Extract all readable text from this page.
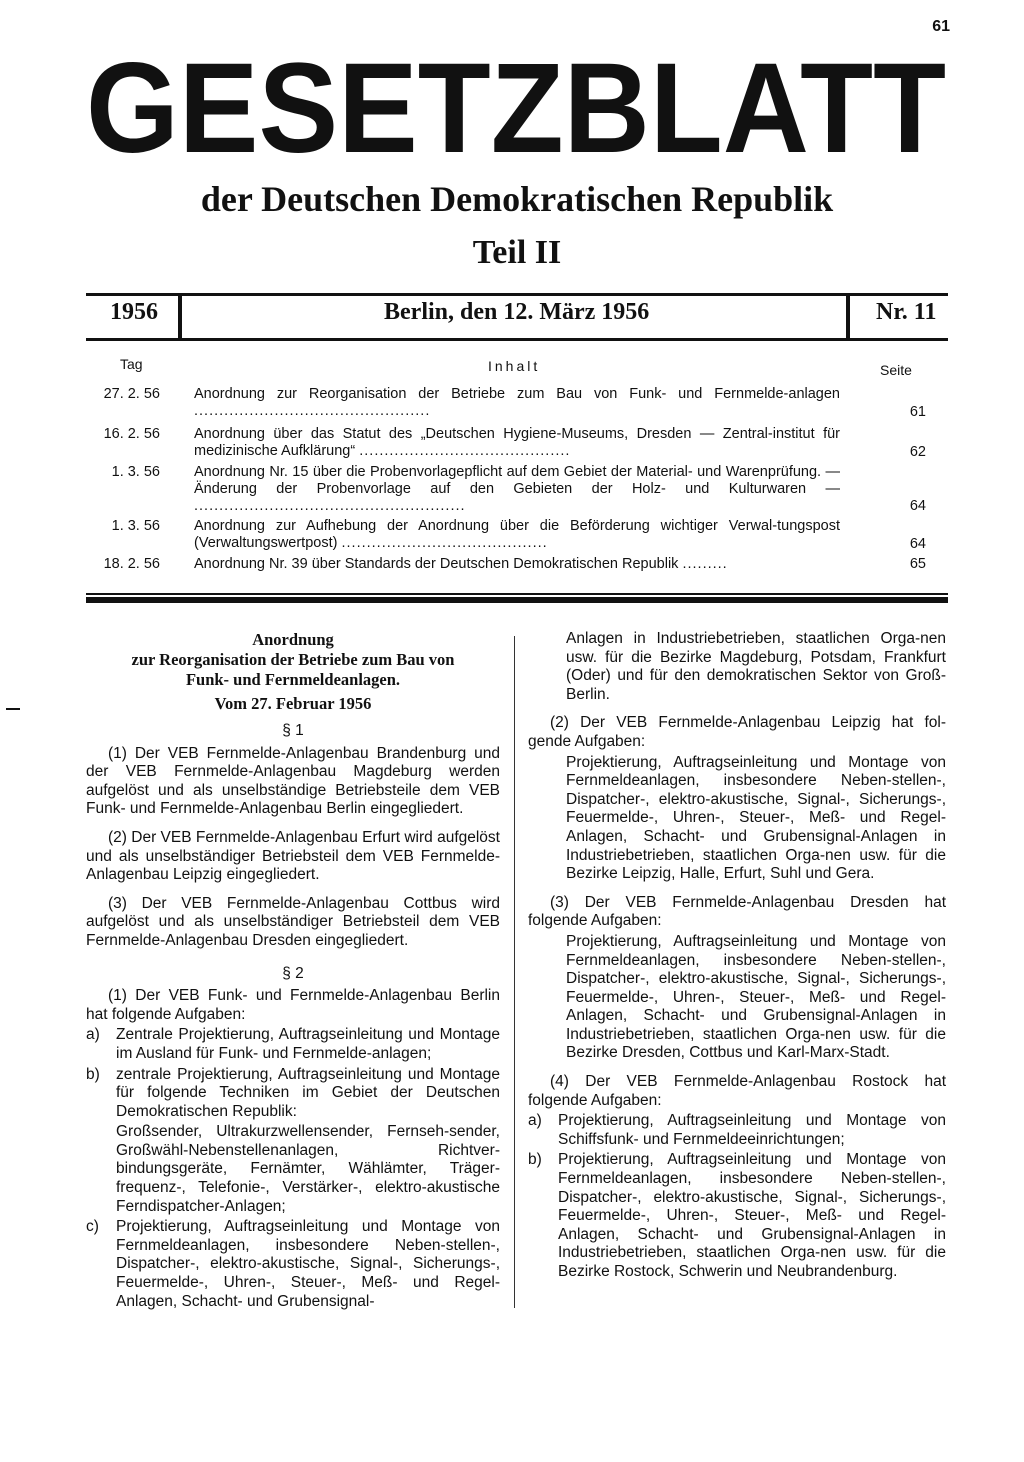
61
GESETZBLATT
der Deutschen Demokratischen Republik
Teil II
1956	Berlin, den 12. März 1956	Nr. 11
Tag	Inhalt	Seite
27. 2. 56 Anordnung zur Reorganisation der Betriebe zum Bau von Funk- und Fernmelde-anlagen ...............................................	61
16. 2. 56 Anordnung über das Statut des „Deutschen Hygiene-Museums, Dresden — Zentral-institut für medizinische Aufklärung“ ..........................................	62
1. 3. 56 Anordnung Nr. 15 über die Probenvorlagepflicht auf dem Gebiet der Material- und Warenprüfung. — Änderung der Probenvorlage auf den Gebieten der Holz- und Kulturwaren — ......................................................	64
1. 3. 56 Anordnung zur Aufhebung der Anordnung über die Beförderung wichtiger Verwal-tungspost (Verwaltungswertpost) .........................................	64
18. 2. 56 Anordnung Nr. 39 über Standards der Deutschen Demokratischen Republik .........	65

Anordnung

zur Reorganisation der Betriebe zum Bau von

Funk- und Fernmeldeanlagen.

Vom 27. Februar 1956

§ 1

(1) Der VEB Fernmelde-Anlagenbau Brandenburg und der VEB Fernmelde-Anlagenbau Magdeburg werden aufgelöst und als unselbständige Betriebsteile dem VEB Funk- und Fernmelde-Anlagenbau Berlin eingegliedert.

(2) Der VEB Fernmelde-Anlagenbau Erfurt wird aufgelöst und als unselbständiger Betriebsteil dem VEB Fernmelde-Anlagenbau Leipzig eingegliedert.

(3) Der VEB Fernmelde-Anlagenbau Cottbus wird aufgelöst und als unselbständiger Betriebsteil dem VEB Fernmelde-Anlagenbau Dresden eingegliedert.

§ 2

(1) Der VEB Funk- und Fernmelde-Anlagenbau Berlin hat folgende Aufgaben:

a)	Zentrale Projektierung, Auftragseinleitung und Montage im Ausland für Funk- und Fernmelde-anlagen;
b)	zentrale Projektierung, Auftragseinleitung und Montage für folgende Techniken im Gebiet der Deutschen Demokratischen Republik:

Großsender, Ultrakurzwellensender, Fernseh-sender, Großwähl-Nebenstellenanlagen, Richtver-bindungsgeräte, Fernämter, Wählämter, Träger-frequenz-, Telefonie-, Verstärker-, elektro-akustische Ferndispatcher-Anlagen;

c)	Projektierung, Auftragseinleitung und Montage von Fernmeldeanlagen, insbesondere Neben-stellen-, Dispatcher-, elektro-akustische, Signal-, Sicherungs-, Feuermelde-, Uhren-, Steuer-, Meß- und Regel-Anlagen, Schacht- und Grubensignal-

Anlagen in Industriebetrieben, staatlichen Orga-nen usw. für die Bezirke Magdeburg, Potsdam, Frankfurt (Oder) und für den demokratischen Sektor von Groß-Berlin.

(2) Der VEB Fernmelde-Anlagenbau Leipzig hat fol-gende Aufgaben:

Projektierung, Auftragseinleitung und Montage von Fernmeldeanlagen, insbesondere Neben-stellen-, Dispatcher-, elektro-akustische, Signal-, Sicherungs-, Feuermelde-, Uhren-, Steuer-, Meß- und Regel-Anlagen, Schacht- und Grubensignal-Anlagen in Industriebetrieben, staatlichen Orga-nen usw. für die Bezirke Leipzig, Halle, Erfurt, Suhl und Gera.

(3) Der VEB Fernmelde-Anlagenbau Dresden hat folgende Aufgaben:

Projektierung, Auftragseinleitung und Montage von Fernmeldeanlagen, insbesondere Neben-stellen-, Dispatcher-, elektro-akustische, Signal-, Sicherungs-, Feuermelde-, Uhren-, Steuer-, Meß- und Regel-Anlagen, Schacht- und Grubensignal-Anlagen in Industriebetrieben, staatlichen Orga-nen usw. für die Bezirke Dresden, Cottbus und Karl-Marx-Stadt.

(4) Der VEB Fernmelde-Anlagenbau Rostock hat folgende Aufgaben:

a)	Projektierung, Auftragseinleitung und Montage von Schiffsfunk- und Fernmeldeeinrichtungen;
b)	Projektierung, Auftragseinleitung und Montage von Fernmeldeanlagen, insbesondere Neben-stellen-, Dispatcher-, elektro-akustische, Signal-, Sicherungs-, Feuermelde-, Uhren-, Steuer-, Meß- und Regel-Anlagen, Schacht- und Grubensignal-Anlagen in Industriebetrieben, staatlichen Orga-nen usw. für die Bezirke Rostock, Schwerin und Neubrandenburg.
